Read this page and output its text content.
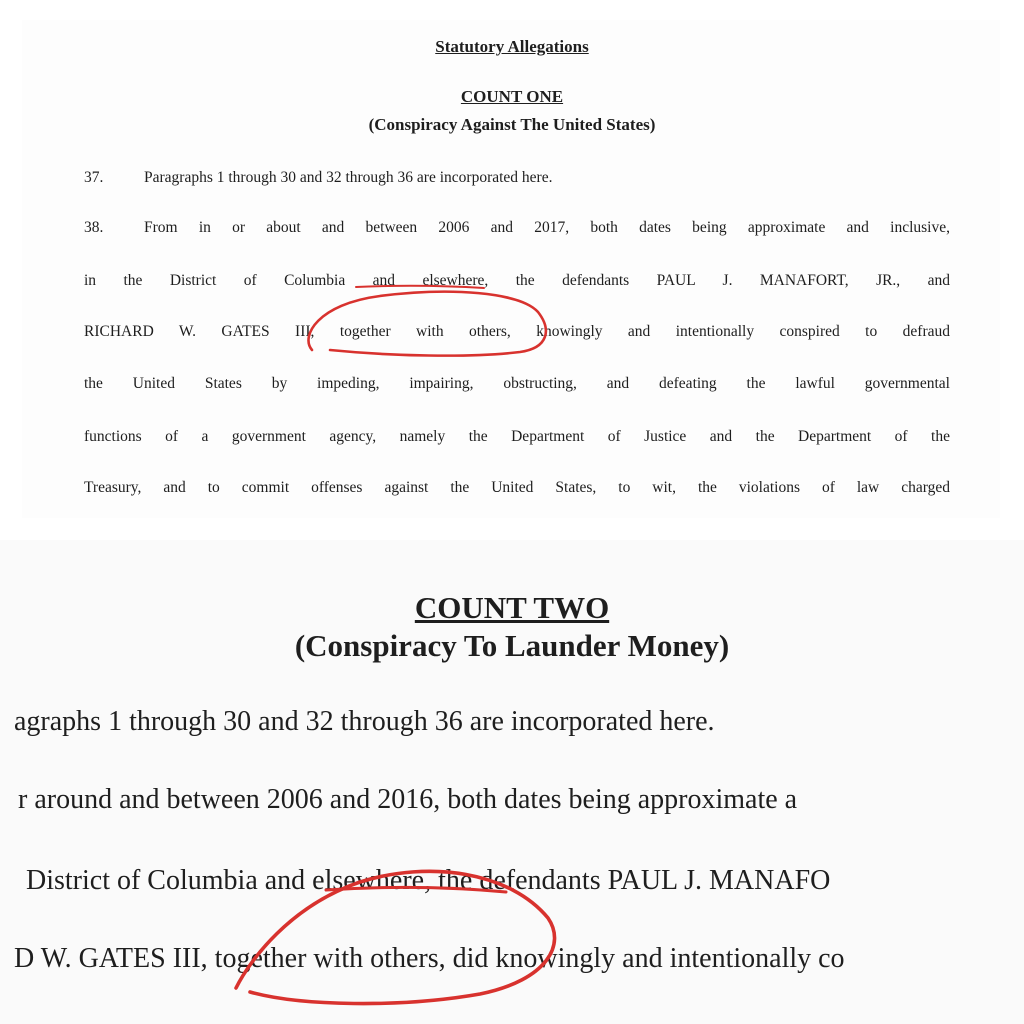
Statutory Allegations
COUNT ONE
(Conspiracy Against The United States)
37.	Paragraphs 1 through 30 and 32 through 36 are incorporated here.
38.	From in or about and between 2006 and 2017, both dates being approximate and inclusive,
in the District of Columbia and elsewhere, the defendants PAUL J. MANAFORT, JR., and
RICHARD W. GATES III, together with others, knowingly and intentionally conspired to defraud
the United States by impeding, impairing, obstructing, and defeating the lawful governmental
functions of a government agency, namely the Department of Justice and the Department of the
Treasury, and to commit offenses against the United States, to wit, the violations of law charged
COUNT TWO
(Conspiracy To Launder Money)
agraphs 1 through 30 and 32 through 36 are incorporated here.
r around and between 2006 and 2016, both dates being approximate a
District of Columbia and elsewhere, the defendants PAUL J. MANAFO
D W. GATES III, together with others, did knowingly and intentionally co
